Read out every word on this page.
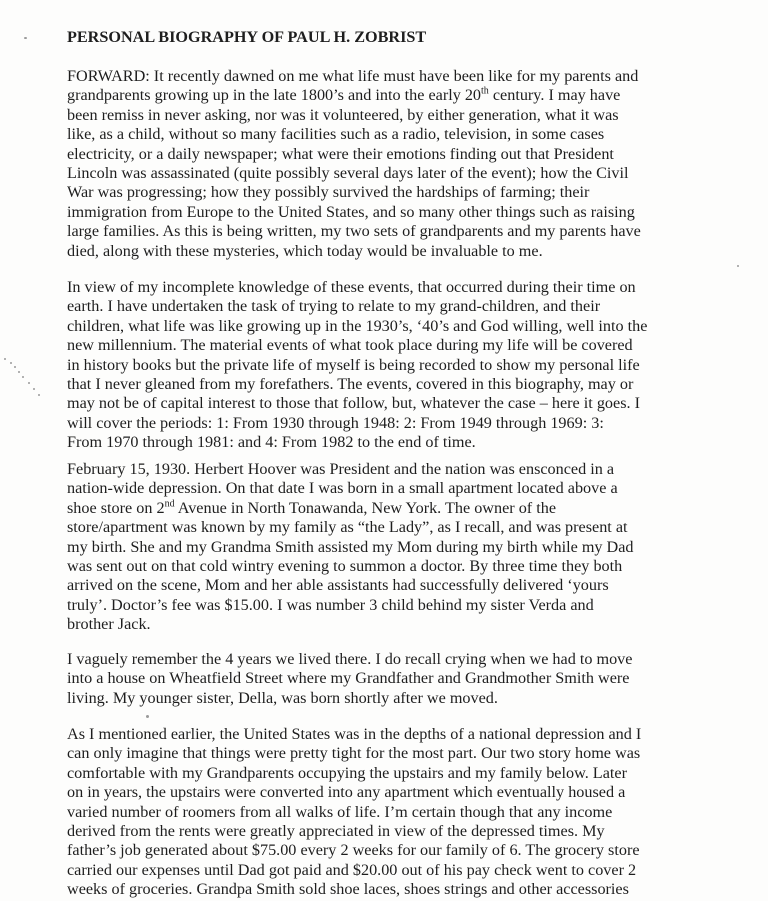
PERSONAL BIOGRAPHY OF PAUL H. ZOBRIST

FORWARD: It recently dawned on me what life must have been like for my parents and
grandparents growing up in the late 1800’s and into the early 20th century. I may have
been remiss in never asking, nor was it volunteered, by either generation, what it was
like, as a child, without so many facilities such as a radio, television, in some cases
electricity, or a daily newspaper; what were their emotions finding out that President
Lincoln was assassinated (quite possibly several days later of the event); how the Civil
War was progressing; how they possibly survived the hardships of farming; their
immigration from Europe to the United States, and so many other things such as raising
large families. As this is being written, my two sets of grandparents and my parents have
died, along with these mysteries, which today would be invaluable to me.

In view of my incomplete knowledge of these events, that occurred during their time on
earth. I have undertaken the task of trying to relate to my grand-children, and their
children, what life was like growing up in the 1930’s, ‘40’s and God willing, well into the
new millennium. The material events of what took place during my life will be covered
in history books but the private life of myself is being recorded to show my personal life
that I never gleaned from my forefathers. The events, covered in this biography, may or
may not be of capital interest to those that follow, but, whatever the case – here it goes. I
will cover the periods: 1: From 1930 through 1948: 2: From 1949 through 1969: 3:
From 1970 through 1981: and 4: From 1982 to the end of time.

February 15, 1930. Herbert Hoover was President and the nation was ensconced in a
nation-wide depression. On that date I was born in a small apartment located above a
shoe store on 2nd Avenue in North Tonawanda, New York. The owner of the
store/apartment was known by my family as “the Lady”, as I recall, and was present at
my birth. She and my Grandma Smith assisted my Mom during my birth while my Dad
was sent out on that cold wintry evening to summon a doctor. By three time they both
arrived on the scene, Mom and her able assistants had successfully delivered ‘yours
truly’. Doctor’s fee was $15.00. I was number 3 child behind my sister Verda and
brother Jack.

I vaguely remember the 4 years we lived there. I do recall crying when we had to move
into a house on Wheatfield Street where my Grandfather and Grandmother Smith were
living. My younger sister, Della, was born shortly after we moved.

As I mentioned earlier, the United States was in the depths of a national depression and I
can only imagine that things were pretty tight for the most part. Our two story home was
comfortable with my Grandparents occupying the upstairs and my family below. Later
on in years, the upstairs were converted into any apartment which eventually housed a
varied number of roomers from all walks of life. I’m certain though that any income
derived from the rents were greatly appreciated in view of the depressed times. My
father’s job generated about $75.00 every 2 weeks for our family of 6. The grocery store
carried our expenses until Dad got paid and $20.00 out of his pay check went to cover 2
weeks of groceries. Grandpa Smith sold shoe laces, shoes strings and other accessories
